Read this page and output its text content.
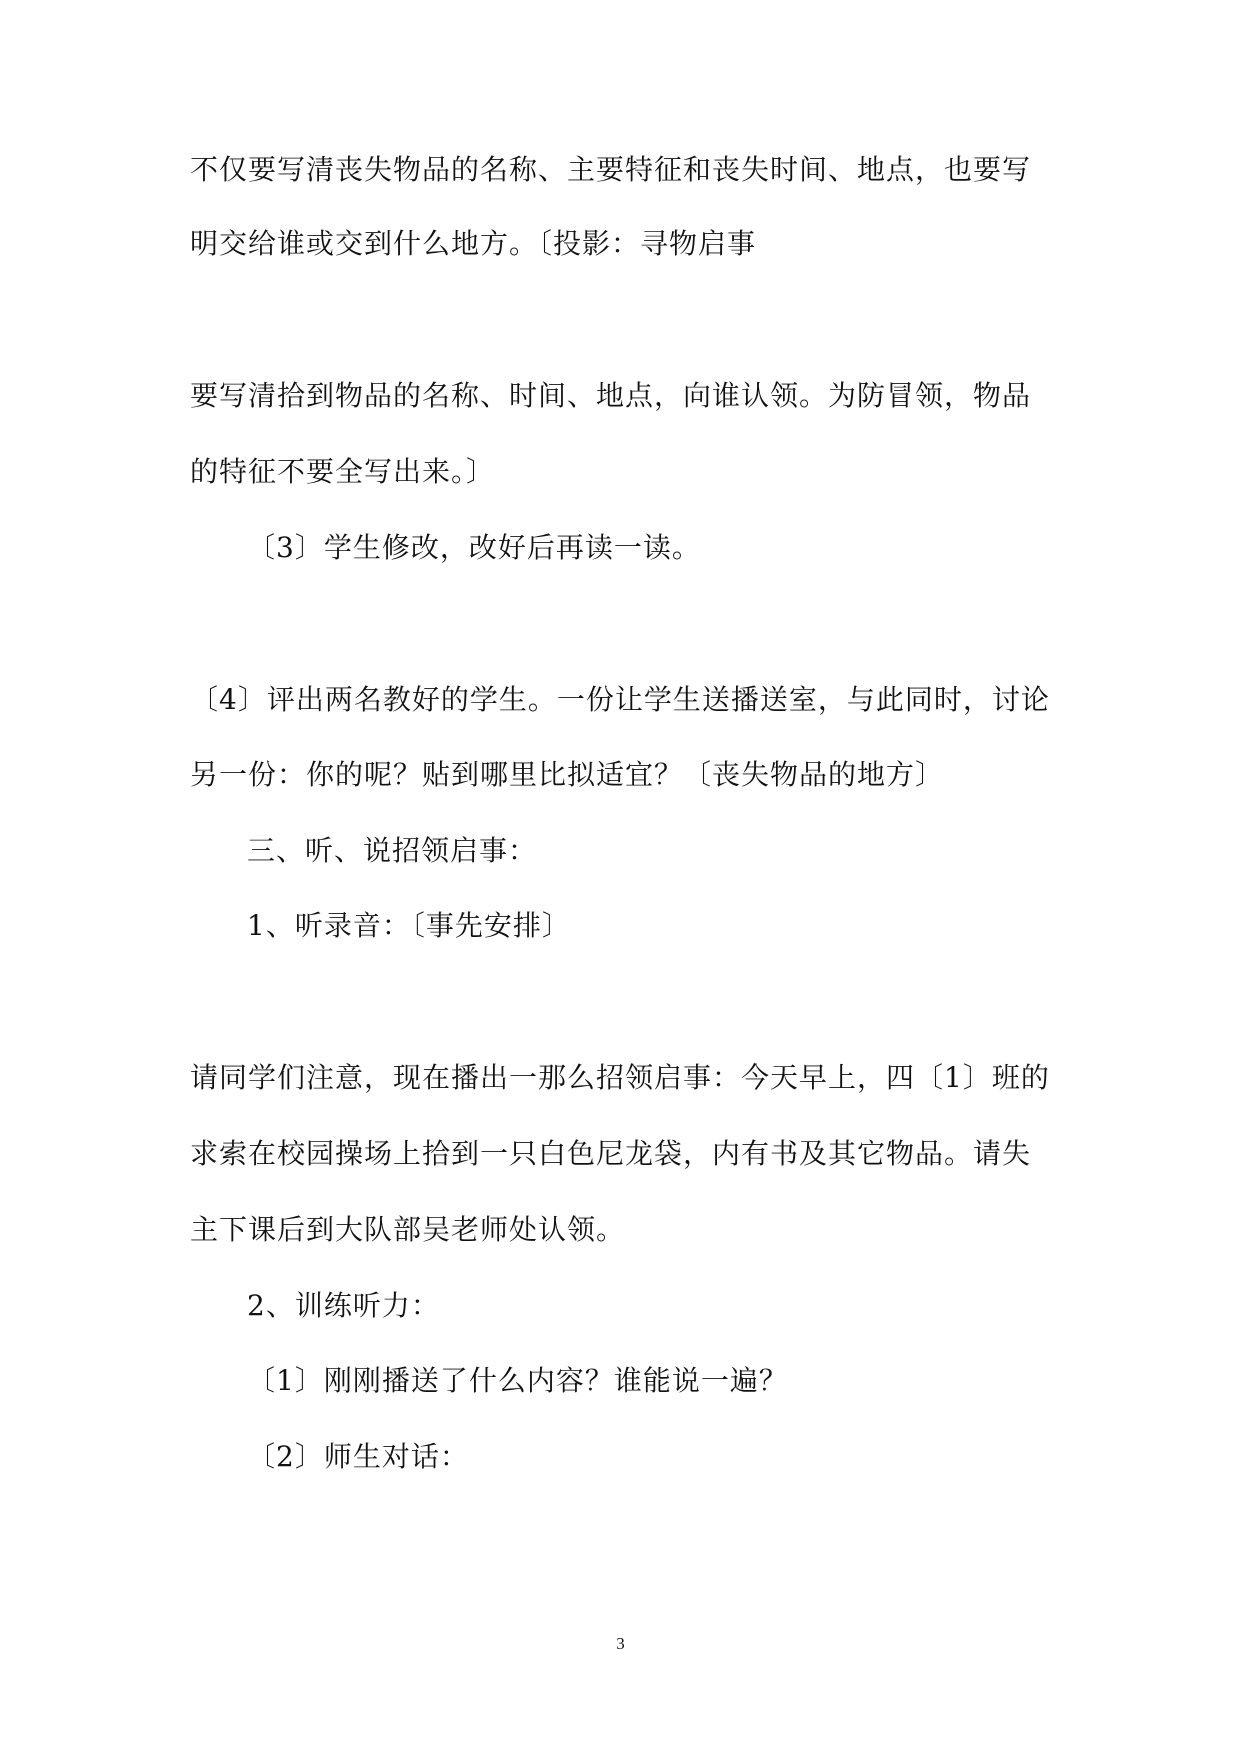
不仅要写清丧失物品的名称、主要特征和丧失时间、地点，也要写

明交给谁或交到什么地方。〔投影：寻物启事

要写清拾到物品的名称、时间、地点，向谁认领。为防冒领，物品

的特征不要全写出来。〕

〔3〕学生修改，改好后再读一读。

〔4〕评出两名教好的学生。一份让学生送播送室，与此同时，讨论

另一份：你的呢？贴到哪里比拟适宜？〔丧失物品的地方〕

三、听、说招领启事：

1、听录音：〔事先安排〕

请同学们注意，现在播出一那么招领启事：今天早上，四〔1〕班的

求索在校园操场上拾到一只白色尼龙袋，内有书及其它物品。请失

主下课后到大队部吴老师处认领。

2、训练听力：

〔1〕刚刚播送了什么内容？谁能说一遍？

〔2〕师生对话：

3
